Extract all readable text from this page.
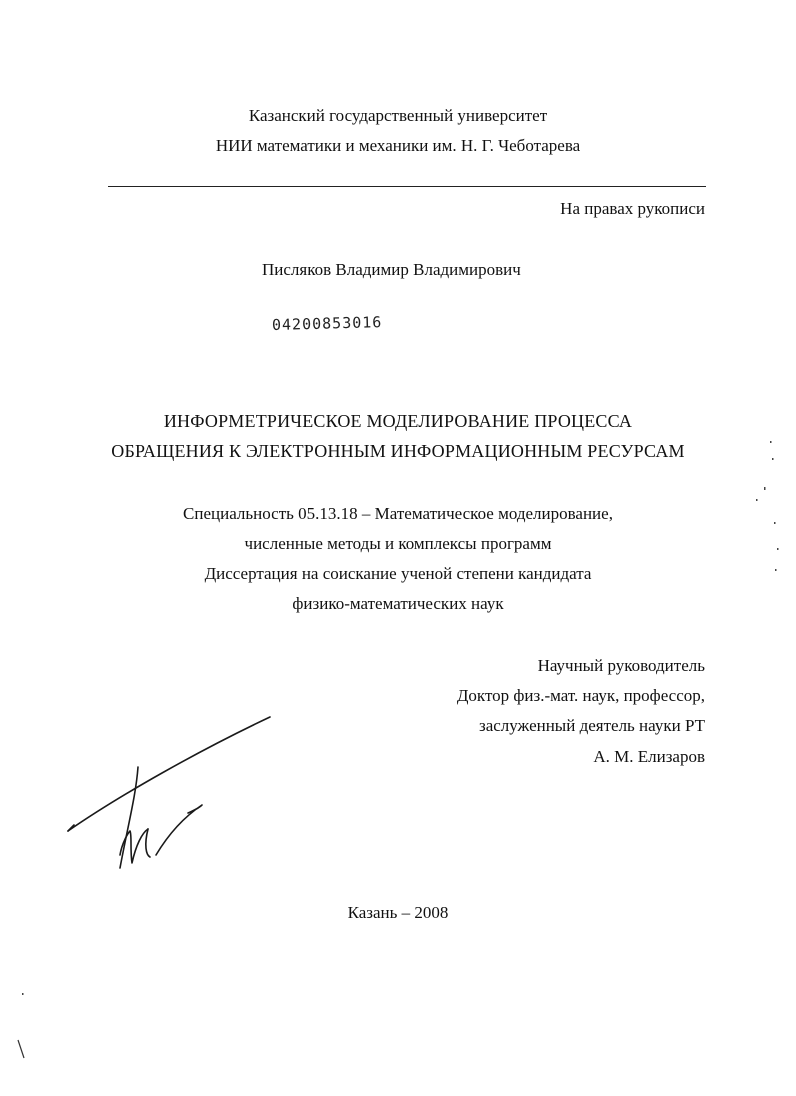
Казанский государственный университет
НИИ математики и механики им. Н. Г. Чеботарева
На правах рукописи
Писляков Владимир Владимирович
04200853016
ИНФОРМЕТРИЧЕСКОЕ МОДЕЛИРОВАНИЕ ПРОЦЕССА
ОБРАЩЕНИЯ К ЭЛЕКТРОННЫМ ИНФОРМАЦИОННЫМ РЕСУРСАМ
Специальность 05.13.18 – Математическое моделирование,
численные методы и комплексы программ
Диссертация на соискание ученой степени кандидата
физико-математических наук
Научный руководитель
Доктор физ.-мат. наук, профессор,
заслуженный деятель науки РТ
А. М. Елизаров
Казань – 2008
